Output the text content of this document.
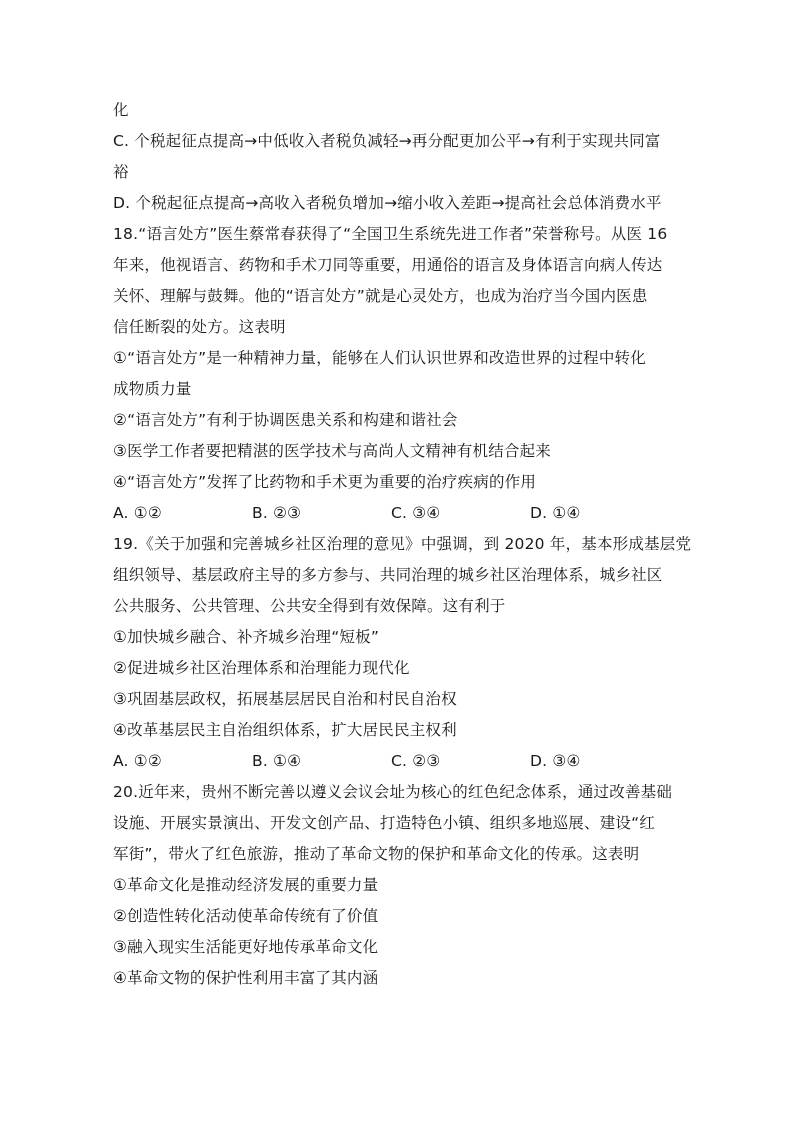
化
C. 个税起征点提高→中低收入者税负减轻→再分配更加公平→有利于实现共同富
裕
D. 个税起征点提高→高收入者税负增加→缩小收入差距→提高社会总体消费水平
18.“语言处方”医生蔡常春获得了“全国卫生系统先进工作者”荣誉称号。从医 16
年来，他视语言、药物和手术刀同等重要，用通俗的语言及身体语言向病人传达
关怀、理解与鼓舞。他的“语言处方”就是心灵处方，也成为治疗当今国内医患
信任断裂的处方。这表明
①“语言处方”是一种精神力量，能够在人们认识世界和改造世界的过程中转化
成物质力量
②“语言处方”有利于协调医患关系和构建和谐社会
③医学工作者要把精湛的医学技术与高尚人文精神有机结合起来
④“语言处方”发挥了比药物和手术更为重要的治疗疾病的作用
A. ①②	B. ②③	C. ③④	D. ①④
19.《关于加强和完善城乡社区治理的意见》中强调，到 2020 年，基本形成基层党
组织领导、基层政府主导的多方参与、共同治理的城乡社区治理体系，城乡社区
公共服务、公共管理、公共安全得到有效保障。这有利于
①加快城乡融合、补齐城乡治理“短板”
②促进城乡社区治理体系和治理能力现代化
③巩固基层政权，拓展基层居民自治和村民自治权
④改革基层民主自治组织体系，扩大居民民主权利
A. ①②	B. ①④	C. ②③	D. ③④
20.近年来，贵州不断完善以遵义会议会址为核心的红色纪念体系，通过改善基础
设施、开展实景演出、开发文创产品、打造特色小镇、组织多地巡展、建设“红
军街”，带火了红色旅游，推动了革命文物的保护和革命文化的传承。这表明
①革命文化是推动经济发展的重要力量
②创造性转化活动使革命传统有了价值
③融入现实生活能更好地传承革命文化
④革命文物的保护性利用丰富了其内涵
